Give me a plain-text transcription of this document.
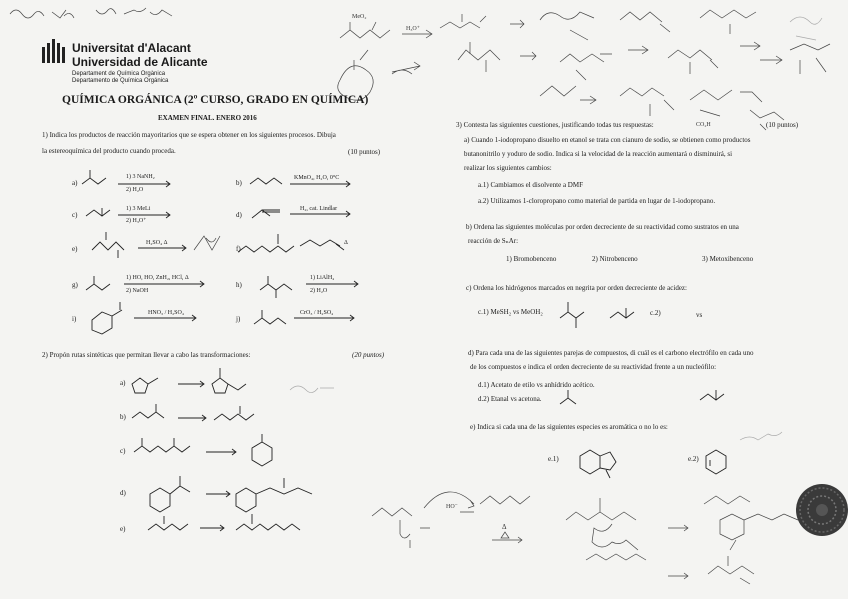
Universitat d'Alacant
Universidad de Alicante
Departament de Química Orgànica
Departamento de Química Orgánica
QUÍMICA ORGÁNICA (2º CURSO, GRADO EN QUÍMICA)
EXAMEN FINAL. ENERO 2016
1) Indica los productos de reacción mayoritarios que se espera obtener en los siguientes procesos. Dibuja
la estereoquímica del producto cuando proceda.	(10 puntos)
a)
1) 3 NaNH₂
2) H₂O
b)
KMnO₄, H₂O, 0°C
c)
1) 3 MeLi
2) H₃O⁺
d)
H₂, cat. Lindlar
e)
H₂SO₄ Δ
f)
Δ
g)
1) HO, HO, ZnH₂, HCl, Δ
2) NaOH
h)
1) LiAlH₄
2) H₂O
i)
HNO₃ / H₂SO₄
j)
CrO₃ / H₂SO₄
2) Propón rutas sintéticas que permitan llevar a cabo las transformaciones:	(20 puntos)
a)
b)
c)
d)
e)
3) Contesta las siguientes cuestiones, justificando todas tus respuestas:	(10 puntos)
a) Cuando 1-iodopropano disuelto en etanol se trata con cianuro de sodio, se obtienen como productos
butanonitrilo y yoduro de sodio. Indica si la velocidad de la reacción aumentará o disminuirá, si
realizar los siguientes cambios:
a.1) Cambiamos el disolvente a DMF
a.2) Utilizamos 1-cloropropano como material de partida en lugar de 1-iodopropano.
b) Ordena las siguientes moléculas por orden decreciente de su reactividad como sustratos en una
reacción de SₙAr:
1) Bromobenceno	2) Nitrobenceno	3) Metoxibenceno
c) Ordena los hidrógenos marcados en negrita por orden decreciente de acidez:
c.1) MeSH₂ vs MeOH₂	c.2)	vs
d) Para cada una de las siguientes parejas de compuestos, di cuál es el carbono electrófilo en cada uno
de los compuestos e indica el orden decreciente de su reactividad frente a un nucleófilo:
d.1) Acetato de etilo vs anhídrido acético.
d.2) Etanal vs acetona.
e) Indica si cada una de las siguientes especies es aromática o no lo es:
e.1)	e.2)
MeO₂
H₃O⁺
CO₂H
Δ
HO⁻
